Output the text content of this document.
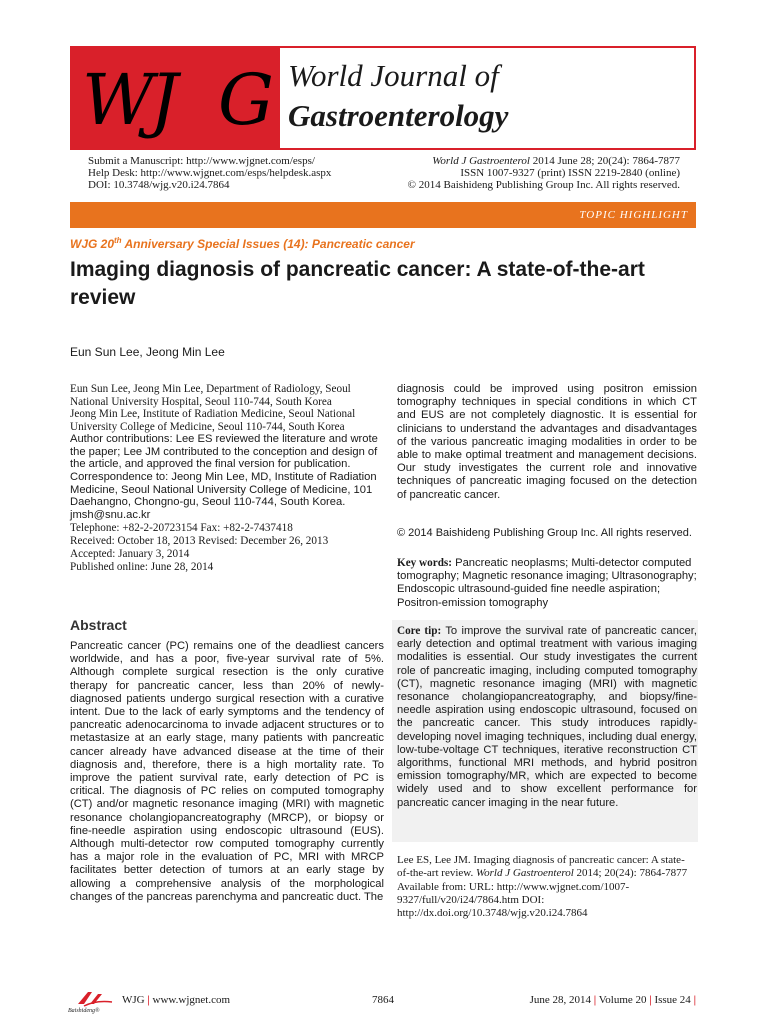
W
J G World Journal of
Gastroenterology
Submit a Manuscript: http://www.wjgnet.com/esps/
Help Desk: http://www.wjgnet.com/esps/helpdesk.aspx
DOI: 10.3748/wjg.v20.i24.7864
World J Gastroenterol 2014 June 28; 20(24): 7864-7877
ISSN 1007-9327 (print) ISSN 2219-2840 (online)
© 2014 Baishideng Publishing Group Inc. All rights reserved.
TOPIC HIGHLIGHT
WJG 20th Anniversary Special Issues (14): Pancreatic cancer
Imaging diagnosis of pancreatic cancer: A state-of-the-art review
Eun Sun Lee, Jeong Min Lee
Eun Sun Lee, Jeong Min Lee, Department of Radiology, Seoul National University Hospital, Seoul 110-744, South Korea
Jeong Min Lee, Institute of Radiation Medicine, Seoul National University College of Medicine, Seoul 110-744, South Korea
Author contributions: Lee ES reviewed the literature and wrote the paper; Lee JM contributed to the conception and design of the article, and approved the final version for publication.
Correspondence to: Jeong Min Lee, MD, Institute of Radiation Medicine, Seoul National University College of Medicine, 101 Daehangno, Chongno-gu, Seoul 110-744, South Korea. jmsh@snu.ac.kr
Telephone: +82-2-20723154 Fax: +82-2-7437418
Received: October 18, 2013 Revised: December 26, 2013
Accepted: January 3, 2014
Published online: June 28, 2014
Abstract
Pancreatic cancer (PC) remains one of the deadliest cancers worldwide, and has a poor, five-year survival rate of 5%. Although complete surgical resection is the only curative therapy for pancreatic cancer, less than 20% of newly-diagnosed patients undergo surgical resection with a curative intent. Due to the lack of early symptoms and the tendency of pancreatic adenocarcinoma to invade adjacent structures or to metastasize at an early stage, many patients with pancreatic cancer already have advanced disease at the time of their diagnosis and, therefore, there is a high mortality rate. To improve the patient survival rate, early detection of PC is critical. The diagnosis of PC relies on computed tomography (CT) and/or magnetic resonance imaging (MRI) with magnetic resonance cholangiopancreatography (MRCP), or biopsy or fine-needle aspiration using endoscopic ultrasound (EUS). Although multi-detector row computed tomography currently has a major role in the evaluation of PC, MRI with MRCP facilitates better detection of tumors at an early stage by allowing a comprehensive analysis of the morphological changes of the pancreas parenchyma and pancreatic duct. The
diagnosis could be improved using positron emission tomography techniques in special conditions in which CT and EUS are not completely diagnostic. It is essential for clinicians to understand the advantages and disadvantages of the various pancreatic imaging modalities in order to be able to make optimal treatment and management decisions. Our study investigates the current role and innovative techniques of pancreatic imaging focused on the detection of pancreatic cancer.
© 2014 Baishideng Publishing Group Inc. All rights reserved.
Key words: Pancreatic neoplasms; Multi-detector computed tomography; Magnetic resonance imaging; Ultrasonography; Endoscopic ultrasound-guided fine needle aspiration; Positron-emission tomography
Core tip: To improve the survival rate of pancreatic cancer, early detection and optimal treatment with various imaging modalities is essential. Our study investigates the current role of pancreatic imaging, including computed tomography (CT), magnetic resonance imaging (MRI) with magnetic resonance cholangiopancreatography, and biopsy/fine-needle aspiration using endoscopic ultrasound, focused on the pancreatic cancer. This study introduces rapidly-developing novel imaging techniques, including dual energy, low-tube-voltage CT techniques, iterative reconstruction CT algorithms, functional MRI methods, and hybrid positron emission tomography/MR, which are expected to become widely used and to show excellent performance for pancreatic cancer imaging in the near future.
Lee ES, Lee JM. Imaging diagnosis of pancreatic cancer: A state-of-the-art review. World J Gastroenterol 2014; 20(24): 7864-7877 Available from: URL: http://www.wjgnet.com/1007-9327/full/v20/i24/7864.htm DOI: http://dx.doi.org/10.3748/wjg.v20.i24.7864
Baishideng®
WJG | www.wjgnet.com	7864	June 28, 2014 | Volume 20 | Issue 24 |
